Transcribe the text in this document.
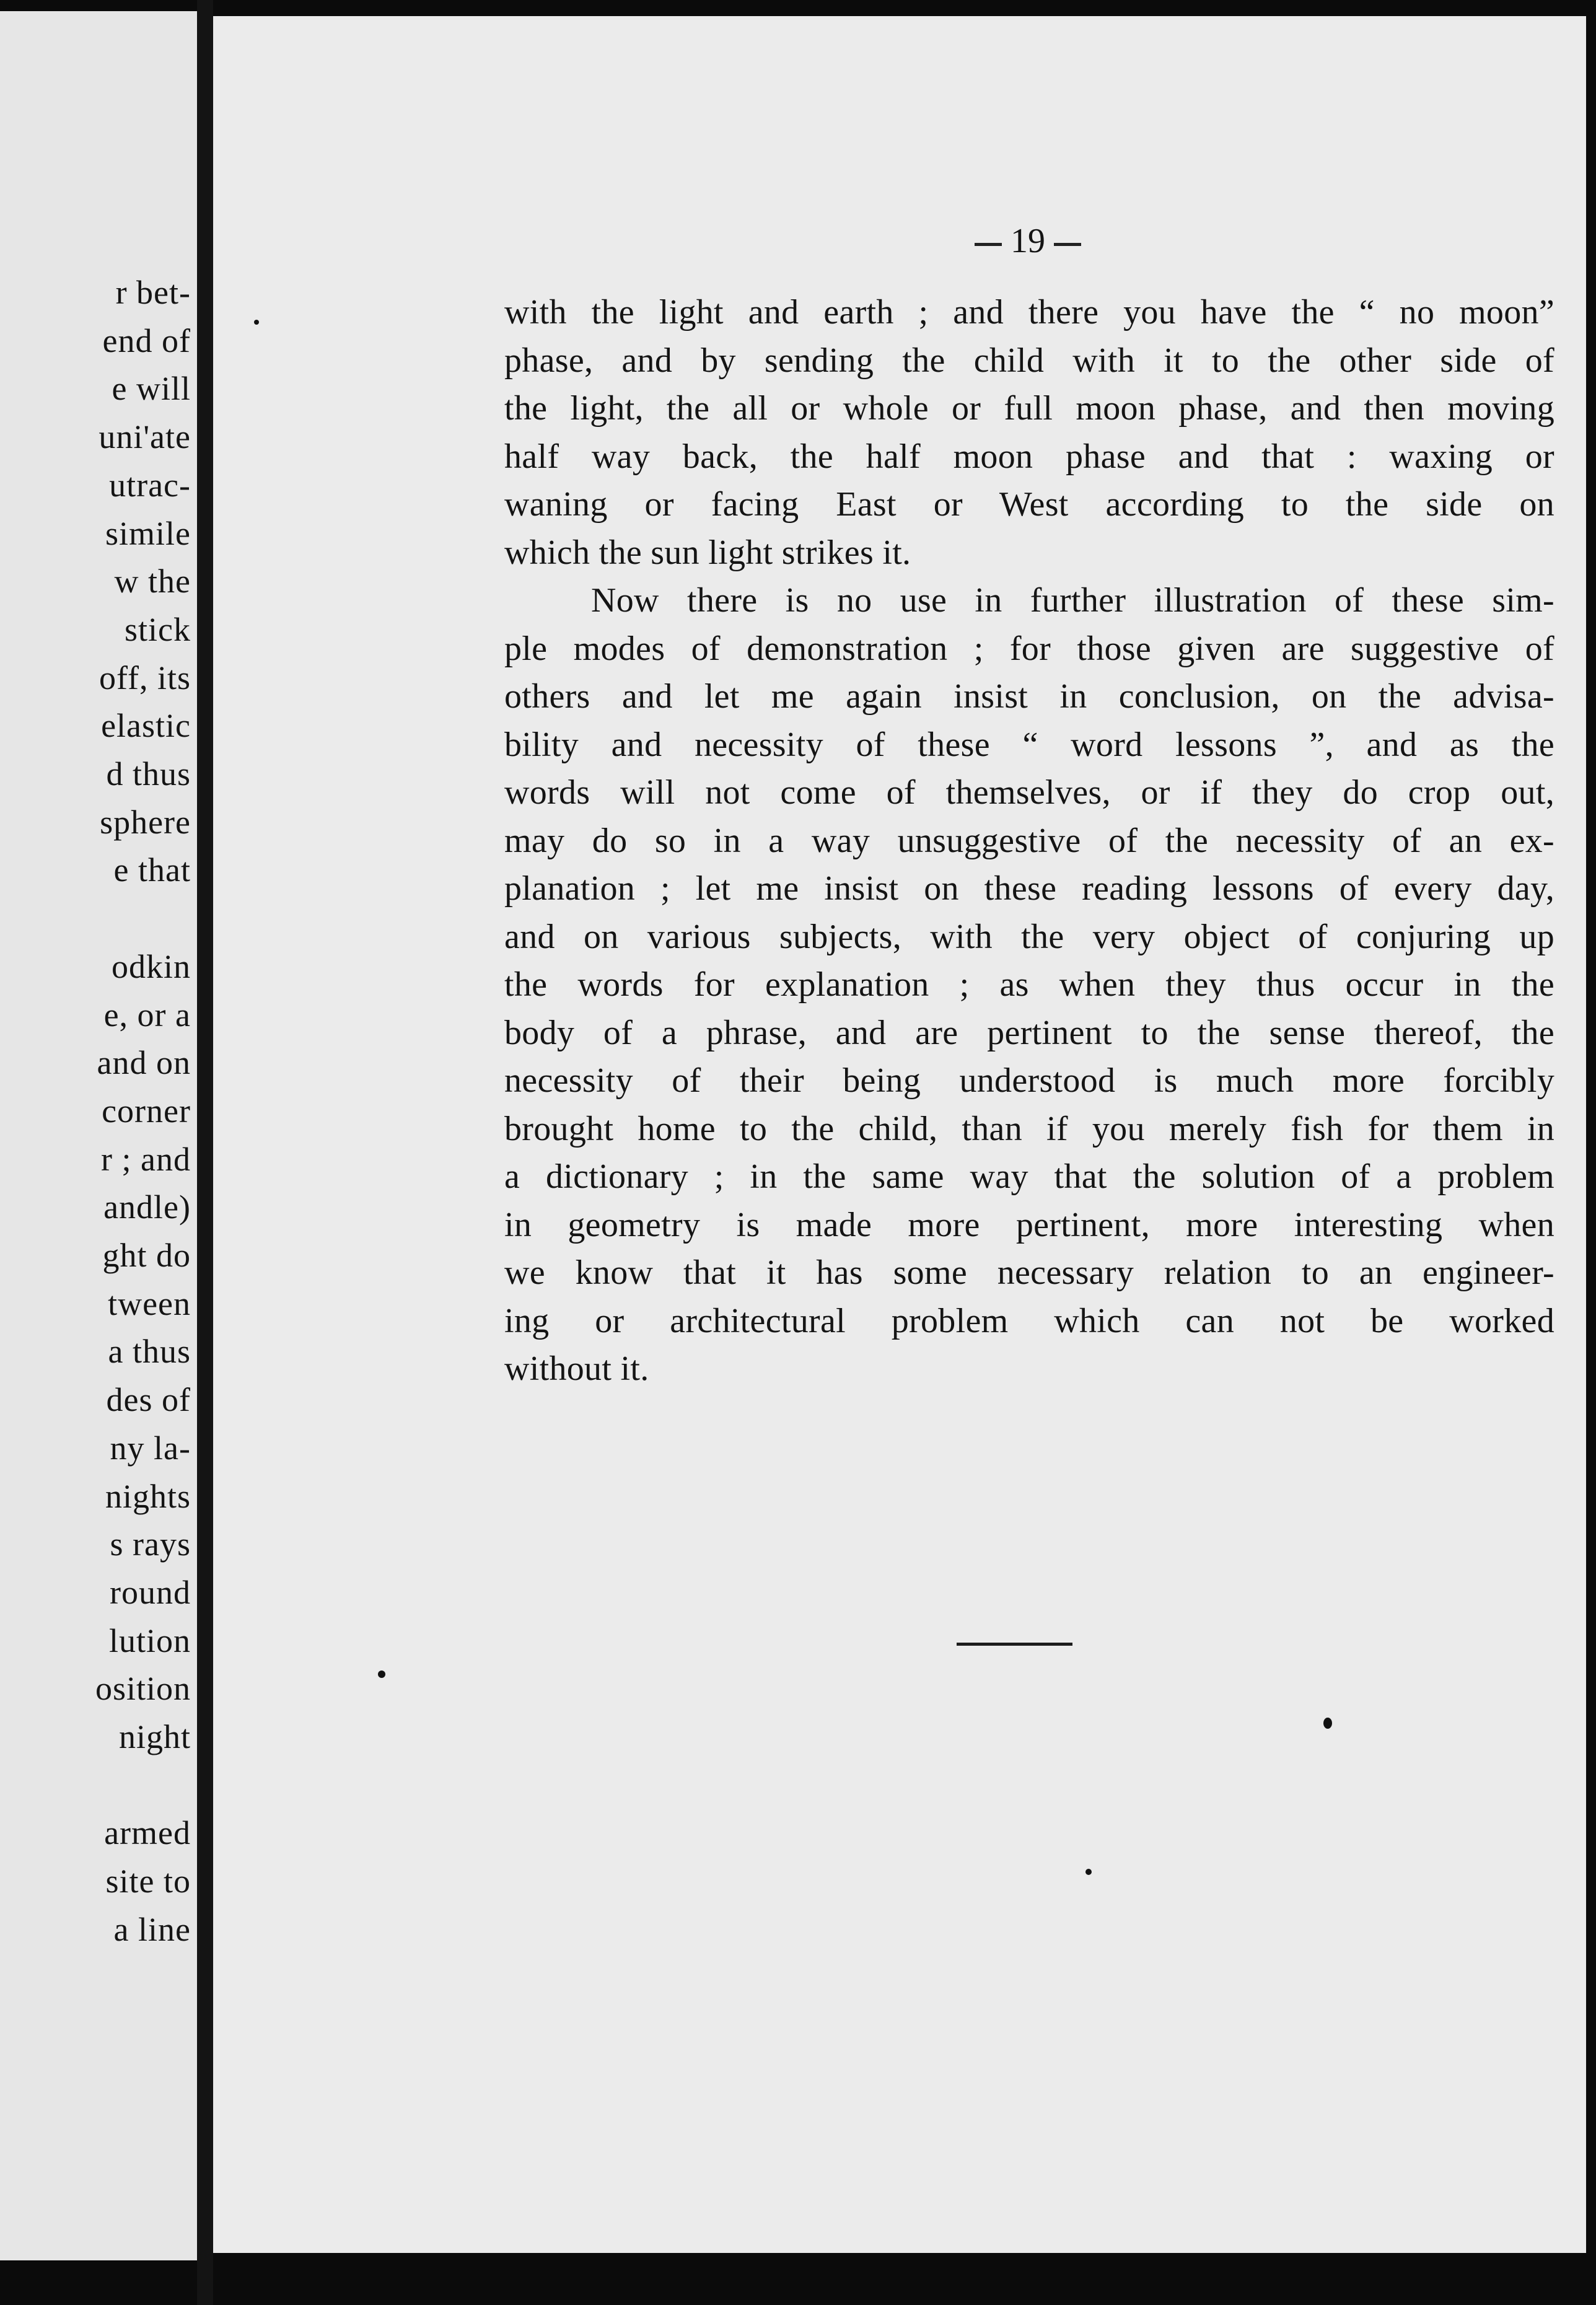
r bet-
end of
e will
uni'ate
utrac-
simile
w the
stick
off, its
elastic
d thus
sphere
e that
odkin
e, or a
and on
corner
r ; and
andle)
ght do
tween
a thus
des of
ny la-
nights
s rays
round
lution
osition
night
armed
site to
a line
19
with the light and earth ; and there you have the “ no moon”
phase, and by sending the child with it to the other side of
the light, the all or whole or full moon phase, and then moving
half way back, the half moon phase and that : waxing or
waning or facing East or West according to the side on
which the sun light strikes it.
Now there is no use in further illustration of these sim-
ple modes of demonstration ; for those given are suggestive of
others and let me again insist in conclusion, on the advisa-
bility and necessity of these “ word lessons ”, and as the
words will not come of themselves, or if they do crop out,
may do so in a way unsuggestive of the necessity of an ex-
planation ; let me insist on these reading lessons of every day,
and on various subjects, with the very object of conjuring up
the words for explanation ; as when they thus occur in the
body of a phrase, and are pertinent to the sense thereof, the
necessity of their being understood is much more forcibly
brought home to the child, than if you merely fish for them in
a dictionary ; in the same way that the solution of a problem
in geometry is made more pertinent, more interesting when
we know that it has some necessary relation to an engineer-
ing or architectural problem which can not be worked
without it.
